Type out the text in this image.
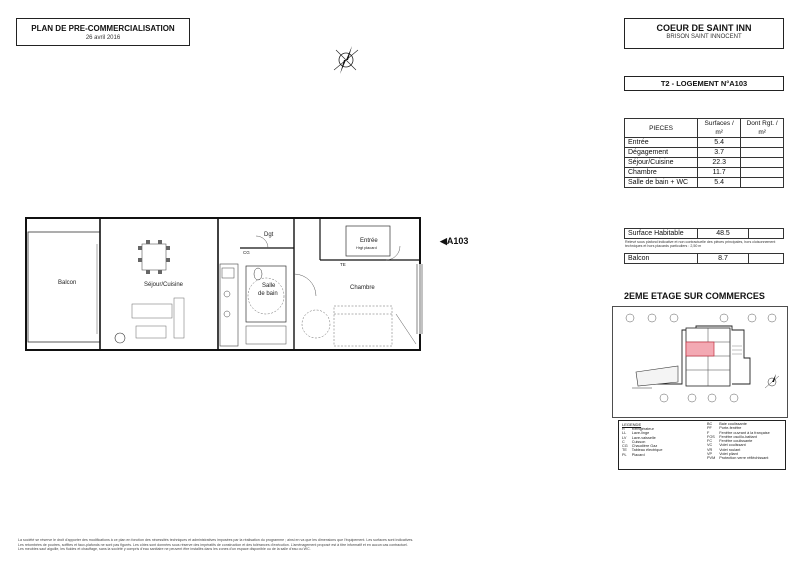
PLAN DE PRE-COMMERCIALISATION
26 avril 2016
COEUR DE SAINT INN
BRISON SAINT INNOCENT
T2 - LOGEMENT N°A103
PIECES	Surfaces / m²	Dont Rgt. / m²
Entrée	5.4	
Dégagement	3.7	
Séjour/Cuisine	22.3	
Chambre	11.7	
Salle de bain + WC	5.4	
Surface Habitable	48.5	
Relevé sous plafond indicative et non contractuelle des pièces principales, hors cloisonnement techniques et hors placards particuliers : 2,50 m
Balcon	8.7	
2EME ETAGE SUR COMMERCES
LEGENDE
R	Réfrigérateur
LL	Lave-linge
LV	Lave-vaisselle
C	Cuisson
CG	Chaudière Gaz
TE	Tableau électrique
PL	Placard
BC	Baie coulissante
PF	Porte-fenêtre
F	Fenêtre ouvrant à la française
FOS	Fenêtre oscillo-battant
FC	Fenêtre coulissante
VC	Volet coulissant
VR	Volet roulant
VP	Volet pliant
PVM	Protection verre réfléchissant
Balcon	Séjour/Cuisine
Dgt
CG
Salle
de bain
Entrée
Hrgt placard
TE
Chambre
◀A103
La société se réserve le droit d'apporter des modifications à ce plan en fonction des nécessités techniques et administratives imposées par la réalisation du programme ; ainsi en va que les dimensions que l'équipement. Les surfaces sont indicatives.
Les retombées de poutres, soffites et faux-plafonds ne sont pas figurés. Les côtes sont données sous réserve des impératifs de construction et des tolérances d'exécution. L'aménagement proposé est à titre informatif et en aucun cas contractuel.
Les meubles sauf aiguille, les fluides et chauffage, sans la société y compris d'eau sanitaire ne peuvent être installés dans les zones d'un espace disponible ou de la salle d'eau ou WC.
